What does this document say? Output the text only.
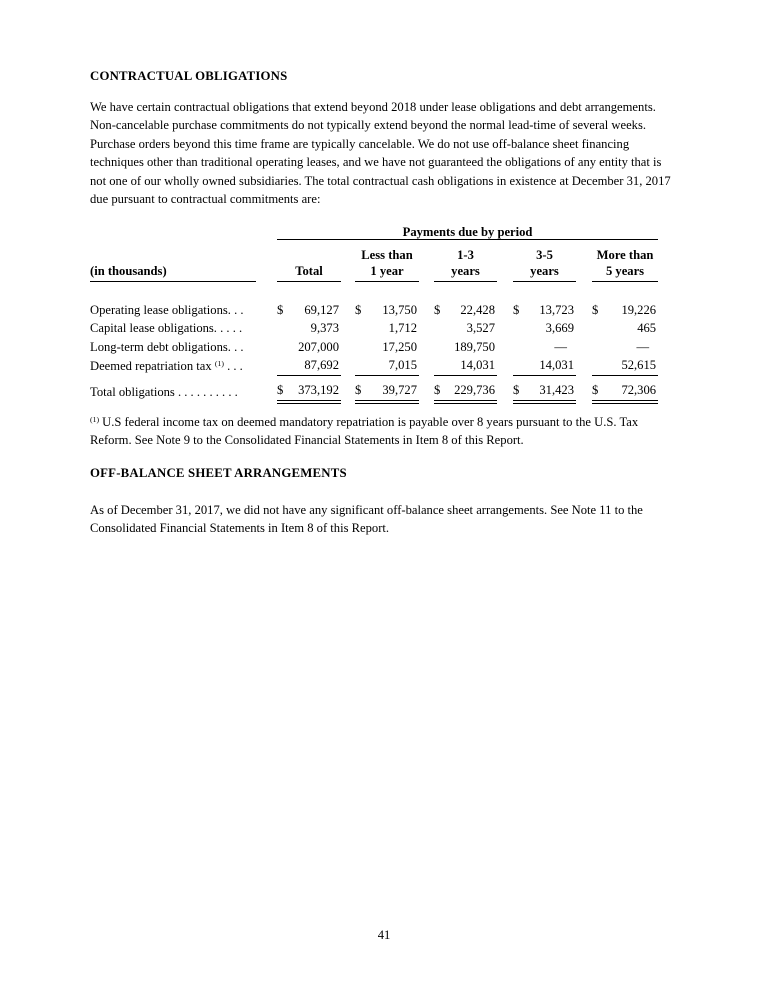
CONTRACTUAL OBLIGATIONS

We have certain contractual obligations that extend beyond 2018 under lease obligations and debt arrangements. Non-cancelable purchase commitments do not typically extend beyond the normal lead-time of several weeks. Purchase orders beyond this time frame are typically cancelable. We do not use off-balance sheet financing techniques other than traditional operating leases, and we have not guaranteed the obligations of any entity that is not one of our wholly owned subsidiaries. The total contractual cash obligations in existence at December 31, 2017 due pursuant to contractual commitments are:

		Payments due by period													
					Less than			1-3			3-5			More than	
(in thousands)		Total			1 year			years			years			5 years	

Operating lease obligations. . .		$	69,127		$	13,750		$	22,428		$	13,723		$	19,226
Capital lease obligations. . . . .			9,373			1,712			3,527			3,669			465
Long-term debt obligations. . .			207,000			17,250			189,750			—			—
Deemed repatriation tax $^{(1)}$ . . .			87,692			7,015			14,031			14,031			52,615

Total obligations . . . . . . . . . .		$	373,192		$	39,727		$	229,736		$	31,423		$	72,306

$^{(1)}$ U.S federal income tax on deemed mandatory repatriation is payable over 8 years pursuant to the U.S. Tax Reform. See Note 9 to the Consolidated Financial Statements in Item 8 of this Report.

OFF-BALANCE SHEET ARRANGEMENTS

As of December 31, 2017, we did not have any significant off-balance sheet arrangements. See Note 11 to the Consolidated Financial Statements in Item 8 of this Report.

41
